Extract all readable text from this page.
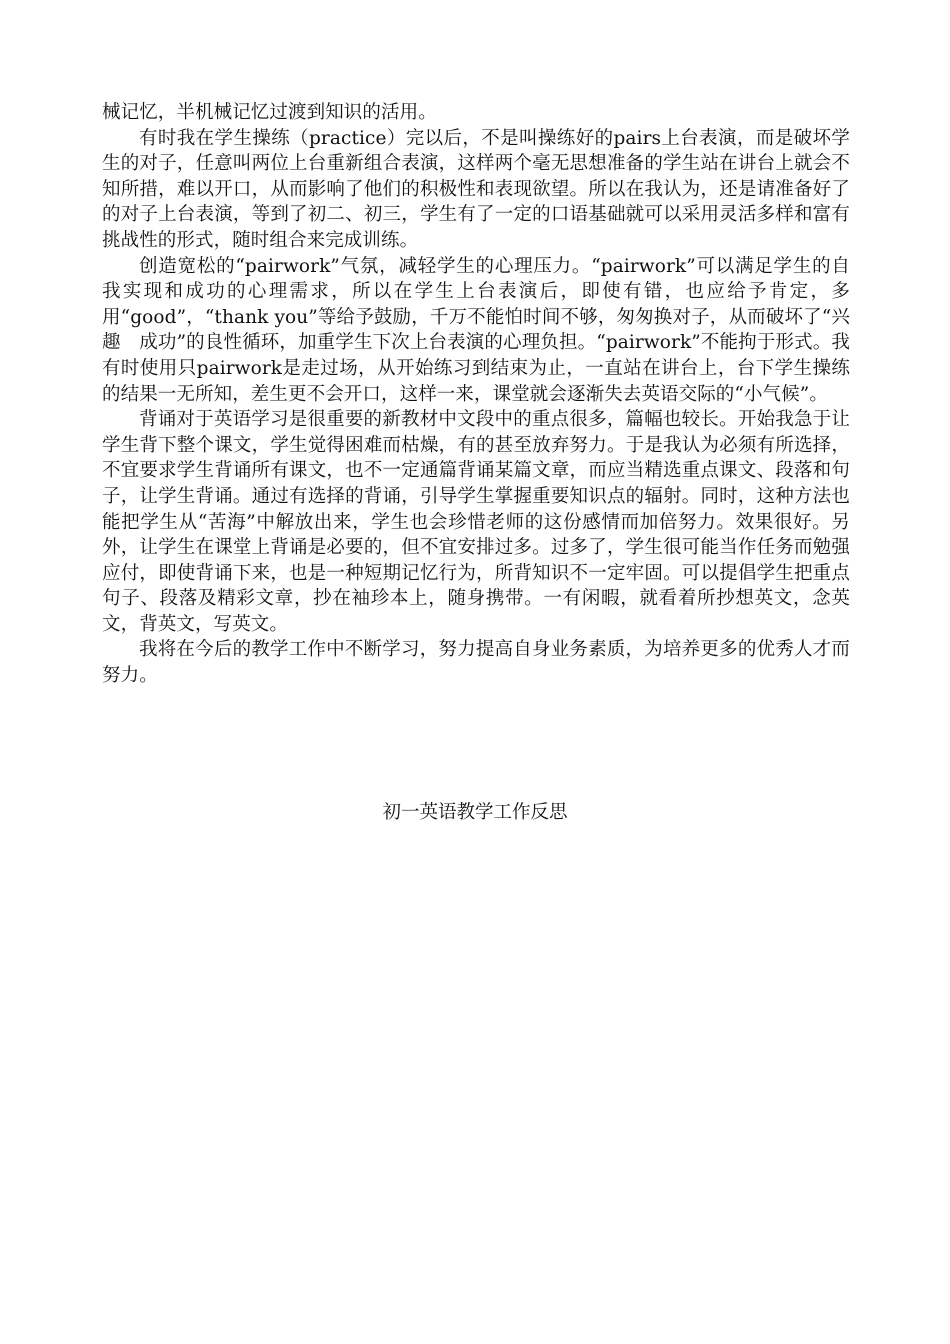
械记忆，半机械记忆过渡到知识的活用。

有时我在学生操练（practice）完以后，不是叫操练好的pairs上台表演，而是破坏学生的对子，任意叫两位上台重新组合表演，这样两个毫无思想准备的学生站在讲台上就会不知所措，难以开口，从而影响了他们的积极性和表现欲望。所以在我认为，还是请准备好了的对子上台表演，等到了初二、初三，学生有了一定的口语基础就可以采用灵活多样和富有挑战性的形式，随时组合来完成训练。

创造宽松的“pairwork”气氛，减轻学生的心理压力。“pairwork”可以满足学生的自我实现和成功的心理需求，所以在学生上台表演后，即使有错，也应给予肯定，多用“good”，“thank you”等给予鼓励，千万不能怕时间不够，匆匆换对子，从而破坏了“兴趣　成功”的良性循环，加重学生下次上台表演的心理负担。“pairwork”不能拘于形式。我有时使用只pairwork是走过场，从开始练习到结束为止，一直站在讲台上，台下学生操练的结果一无所知，差生更不会开口，这样一来，课堂就会逐渐失去英语交际的“小气候”。

背诵对于英语学习是很重要的新教材中文段中的重点很多，篇幅也较长。开始我急于让学生背下整个课文，学生觉得困难而枯燥，有的甚至放弃努力。于是我认为必须有所选择，不宜要求学生背诵所有课文，也不一定通篇背诵某篇文章，而应当精选重点课文、段落和句子，让学生背诵。通过有选择的背诵，引导学生掌握重要知识点的辐射。同时，这种方法也能把学生从“苦海”中解放出来，学生也会珍惜老师的这份感情而加倍努力。效果很好。另外，让学生在课堂上背诵是必要的，但不宜安排过多。过多了，学生很可能当作任务而勉强应付，即使背诵下来，也是一种短期记忆行为，所背知识不一定牢固。可以提倡学生把重点句子、段落及精彩文章，抄在袖珍本上，随身携带。一有闲暇，就看着所抄想英文，念英文，背英文，写英文。

我将在今后的教学工作中不断学习，努力提高自身业务素质，为培养更多的优秀人才而努力。

初一英语教学工作反思
